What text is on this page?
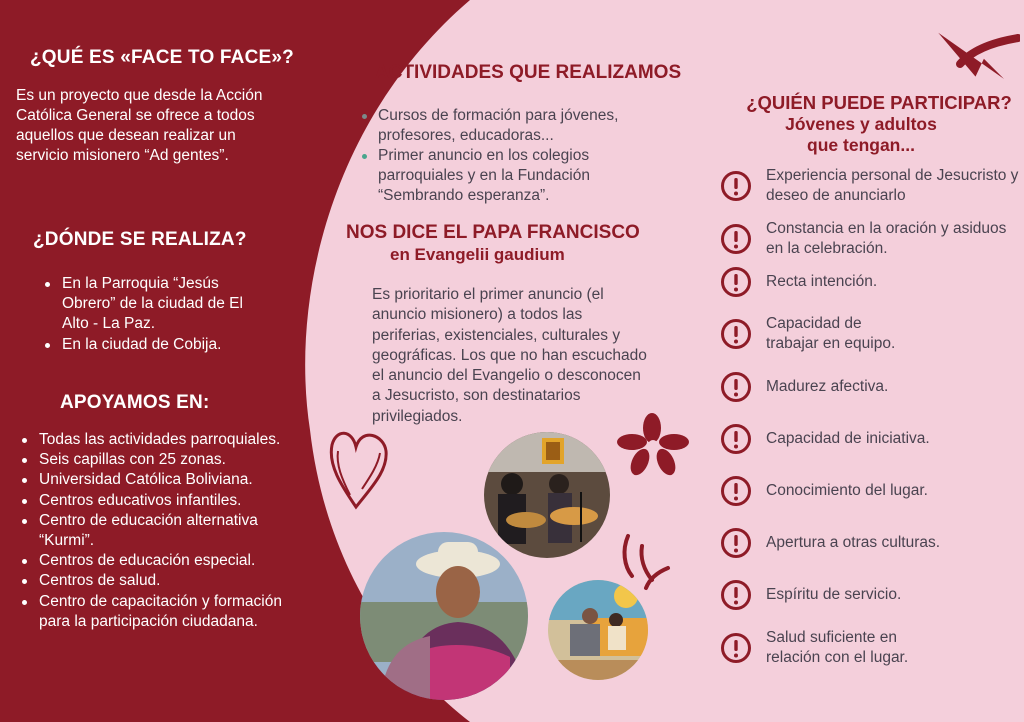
¿QUÉ ES «FACE TO FACE»?

Es un proyecto que desde la Acción Católica General se ofrece a todos aquellos que desean realizar un servicio misionero “Ad gentes”.

¿DÓNDE SE REALIZA?
En la Parroquia “Jesús Obrero” de la ciudad de El Alto - La Paz.
En la ciudad de Cobija.
APOYAMOS EN:
Todas las actividades parroquiales.
Seis capillas con 25 zonas.
Universidad Católica Boliviana.
Centros educativos infantiles.
Centro de educación alternativa “Kurmi”.
Centros de educación especial.
Centros de salud.
Centro de capacitación y formación para la participación ciudadana.
ACTIVIDADES QUE REALIZAMOS
Cursos de formación para jóvenes, profesores, educadoras...
Primer anuncio en los colegios parroquiales y en la Fundación “Sembrando esperanza”.
NOS DICE EL PAPA FRANCISCO
en Evangelii gaudium

Es prioritario el primer anuncio (el anuncio misionero) a todos las periferias, existenciales, culturales y geográficas. Los que no han escuchado el anuncio del Evangelio o desconocen a Jesucristo, son destinatarios privilegiados.

¿QUIÉN PUEDE PARTICIPAR?
Jóvenes y adultos
que tengan...
Experiencia personal de Jesucristo y deseo de anunciarlo
Constancia en la oración y asiduos en la celebración.
Recta intención.
Capacidad de trabajar en equipo.
Madurez afectiva.
Capacidad de iniciativa.
Conocimiento del lugar.
Apertura a otras culturas.
Espíritu de servicio.
Salud suficiente en relación con el lugar.
